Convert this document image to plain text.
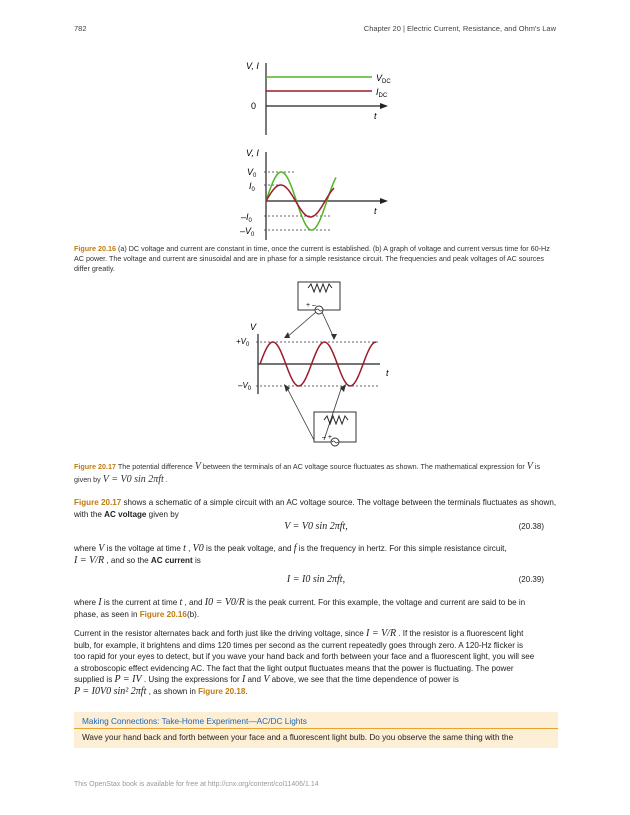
782	Chapter 20 | Electric Current, Resistance, and Ohm's Law
V, I
0
t
$V_{DC}$
$I_{DC}$
V, I
$V_0$
$I_0$
$-I_0$
$-V_0$
t
Figure 20.16 (a) DC voltage and current are constant in time, once the current is established. (b) A graph of voltage and current versus time for 60-Hz AC power. The voltage and current are sinusoidal and are in phase for a simple resistance circuit. The frequencies and peak voltages of AC sources differ greatly.
+ –
V
$+V_0$
$-V_0$
t
– +
Figure 20.17 The potential difference V between the terminals of an AC voltage source fluctuates as shown. The mathematical expression for V is
given by V = V0 sin 2πft .
Figure 20.17 shows a schematic of a simple circuit with an AC voltage source. The voltage between the terminals fluctuates as shown, with the AC voltage given by
V = V0 sin 2πft,	(20.38)
where V is the voltage at time t , V0 is the peak voltage, and f is the frequency in hertz. For this simple resistance circuit,
I = V/R , and so the AC current is
I = I0 sin 2πft,	(20.39)
where I is the current at time t , and I0 = V0/R is the peak current. For this example, the voltage and current are said to be in
phase, as seen in Figure 20.16(b).
Current in the resistor alternates back and forth just like the driving voltage, since I = V/R . If the resistor is a fluorescent light
bulb, for example, it brightens and dims 120 times per second as the current repeatedly goes through zero. A 120-Hz flicker is
too rapid for your eyes to detect, but if you wave your hand back and forth between your face and a fluorescent light, you will see
a stroboscopic effect evidencing AC. The fact that the light output fluctuates means that the power is fluctuating. The power
supplied is P = IV . Using the expressions for I and V above, we see that the time dependence of power is
P = I0V0 sin² 2πft , as shown in Figure 20.18.
Making Connections: Take-Home Experiment—AC/DC Lights
Wave your hand back and forth between your face and a fluorescent light bulb. Do you observe the same thing with the
This OpenStax book is available for free at http://cnx.org/content/col11406/1.14
